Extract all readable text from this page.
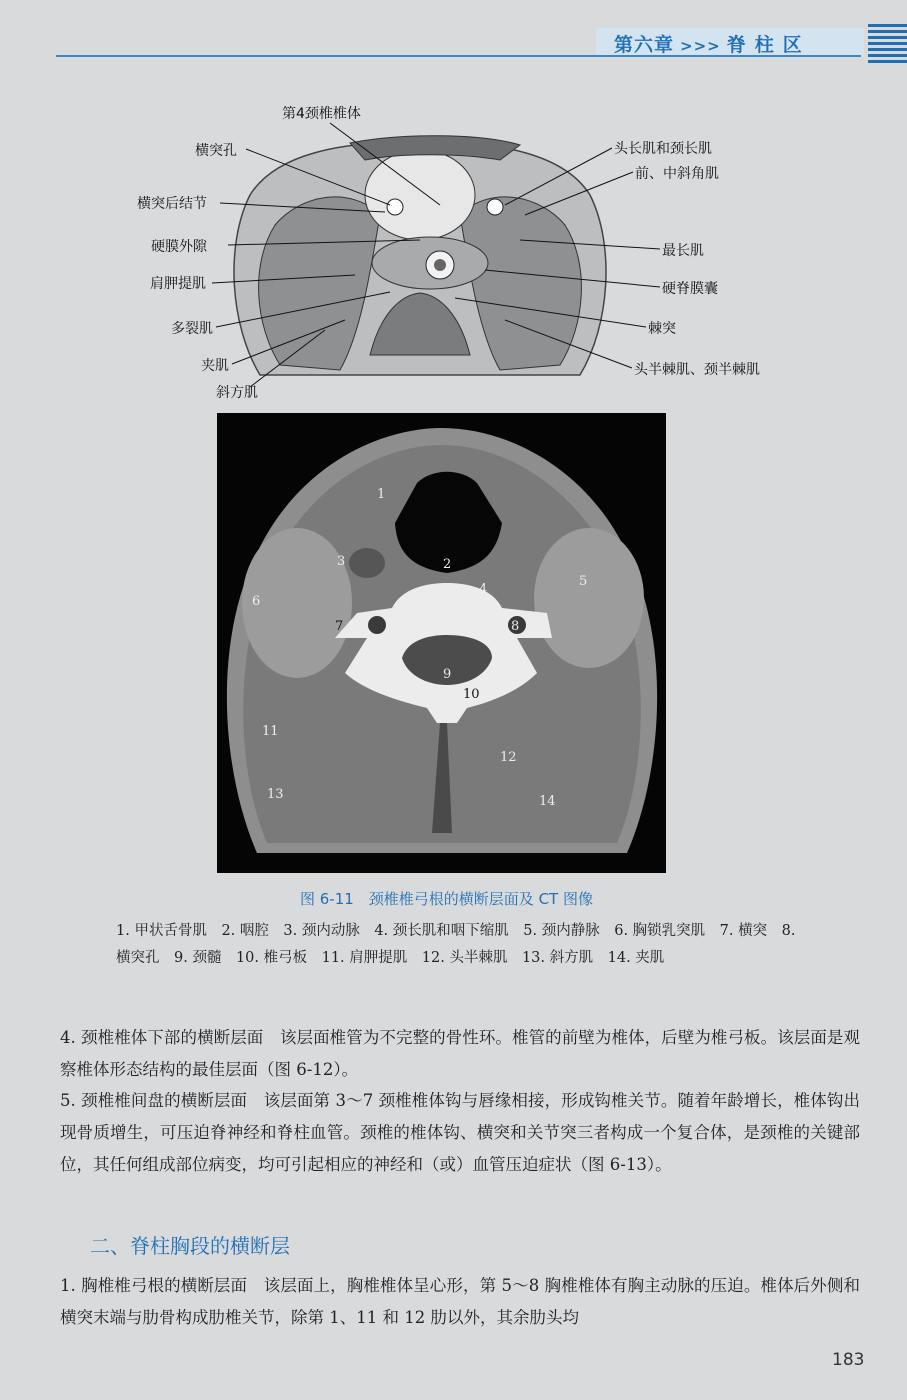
第六章 >>> 脊柱区
第4颈椎椎体
横突孔
横突后结节
硬膜外隙
肩胛提肌
多裂肌
夹肌
斜方肌
头长肌和颈长肌
前、中斜角肌
最长肌
硬脊膜囊
棘突
头半棘肌、颈半棘肌
1
2
3
4
5
6
7	8
9
10
11
12
13	14
图 6-11　颈椎椎弓根的横断层面及 CT 图像
1. 甲状舌骨肌　2. 咽腔　3. 颈内动脉　4. 颈长肌和咽下缩肌　5. 颈内静脉　6. 胸锁乳突肌　7. 横突　8. 横突孔　9. 颈髓　10. 椎弓板　11. 肩胛提肌　12. 头半棘肌　13. 斜方肌　14. 夹肌
4. 颈椎椎体下部的横断层面　该层面椎管为不完整的骨性环。椎管的前壁为椎体，后壁为椎弓板。该层面是观察椎体形态结构的最佳层面（图 6-12）。
5. 颈椎椎间盘的横断层面　该层面第 3～7 颈椎椎体钩与唇缘相接，形成钩椎关节。随着年龄增长，椎体钩出现骨质增生，可压迫脊神经和脊柱血管。颈椎的椎体钩、横突和关节突三者构成一个复合体，是颈椎的关键部位，其任何组成部位病变，均可引起相应的神经和（或）血管压迫症状（图 6-13）。
二、脊柱胸段的横断层
1. 胸椎椎弓根的横断层面　该层面上，胸椎椎体呈心形，第 5～8 胸椎椎体有胸主动脉的压迫。椎体后外侧和横突末端与肋骨构成肋椎关节，除第 1、11 和 12 肋以外，其余肋头均
183
